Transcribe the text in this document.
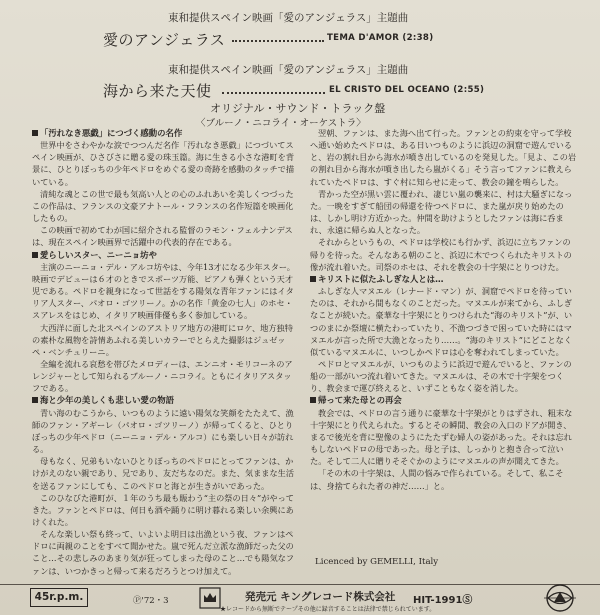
東和提供スペイン映画「愛のアンジェラス」主題曲
愛のアンジェラス	TEMA D'AMOR (2:38)
東和提供スペイン映画「愛のアンジェラス」主題曲
海から来た天使	EL CRISTO DEL OCEANO (2:55)
オリジナル・サウンド・トラック盤
〈ブルーノ・ニコライ・オーケストラ〉
「汚れなき悪戯」につづく感動の名作

世界中をさわやかな涙でつつんだ名作「汚れなき悪戯」につづいてスペイン映画が、ひさびさに贈る愛の珠玉篇。海に生きる小さな港町を背景に、ひとりぼっちの少年ペドロをめぐる愛の奇跡を感動のタッチで描いている。

清純な魂とこの世で最も気高い人との心のふれあいを美しくつづったこの作品は、フランスの文豪アナトール・フランスの名作短篇を映画化したもの。

この映画で初めてわが国に紹介される監督のラモン・フェルナンデスは、現在スペイン映画界で活躍中の代表的存在である。

愛らしいスター、ニーニョ坊や

主演のニーニョ・デル・アルコ坊やは、今年13才になる少年スター。映画でデビューは６才のときでスポーツ万能、ピアノも弾くという天才児である。ペドロを親身になって世話をする陽気な青年ファンにはイタリア人スター、パオロ・ゴツリーノ。かの名作「黄金の七人」のホセ・スアレスをはじめ、イタリア映画俳優も多く参加している。

大西洋に面した北スペインのアストリア地方の港町にロケ、地方独特の素朴な風物を詩情あふれる美しいカラーでとらえた撮影はジュゼッペ・ベンチュリーニ。

全編を流れる哀愁を帯びたメロディーは、エンニオ・モリコーネのアレンジャーとして知られるブルーノ・ニコライ。ともにイタリアスタッフである。

海と少年の美しくも悲しい愛の物語

青い海のむこうから、いつものように遠い陽気な笑顔をたたえて、漁師のファン・アギーレ（パオロ・ゴツリーノ）が帰ってくると、ひとりぼっちの少年ペドロ（ニーニョ・デル・アルコ）にも楽しい日々が訪れる。

母もなく、兄弟もいないひとりぼっちのペドロにとってファンは、かけがえのない親であり、兄であり、友だちなのだ。また、気ままな生活を送るファンにしても、このペドロと海とが生きがいであった。

このひなびた港町が、１年のうち最も賑わう“主の祭の日々”がやってきた。ファンとペドロは、何日も酒や踊りに明け暮れる楽しい余興にあけくれた。

そんな楽しい祭も終って、いよいよ明日は出漁という夜、ファンはペドロに両親のことをすべて聞かせた。嵐で死んだ立派な漁師だった父のこと…その悲しみのあまり気が狂ってしまった母のこと…でも陽気なファンは、いつかきっと帰って来るだろうとつけ加えて。

翌朝、ファンは、また海へ出て行った。ファンとの約束を守って学校へ通い始めたペドロは、ある日いつものように浜辺の洞窟で遊んでいると、岩の割れ目から海水が噴き出しているのを発見した。「見よ、この岩の割れ目から海水が噴き出したら嵐がくる」そう言ってファンに教えられていたペドロは、すぐ村に知らせに走って、教会の鐘を鳴らした。

青かった空が黒い雲に覆われ、凄じい嵐の襲来に、村は大騒ぎになった。一晩をすぎて船団の帰還を待つペドロに、また嵐が戻り始めたのは、しかし明け方近かった。仲間を助けようとしたファンは海に呑まれ、永遠に帰らぬ人となった。

それからというもの、ペドロは学校にも行かず、浜辺に立ちファンの帰りを待った。そんなある朝のこと、浜辺に木でつくられたキリストの像が流れ着いた。司祭のホセは、それを教会の十字架にとりつけた。

キリストに似たふしぎな人とは…

ふしぎな人マヌエル（レナード・マン）が、洞窟でペドロを待っていたのは、それから間もなくのことだった。マヌエルが来てから、ふしぎなことが続いた。豪華な十字架にとりつけられた“海のキリスト”が、いつのまにか祭壇に横たわっていたり、不漁つづきで困っていた時にはマヌエルが言った所で大漁となったり……。“海のキリスト”にどことなく似ているマヌエルに、いつしかペドロは心を奪われてしまっていた。

ペドロとマヌエルが、いつものように浜辺で遊んでいると、ファンの船の一部がいつ流れ着いてきた。マヌエルは、その木で十字架をつくり、教会まで運び終えると、いずこともなく姿を消した。

帰って来た母との再会

教会では、ペドロの言う通りに豪華な十字架がとりはずされ、粗末な十字架にとり代えられた。するとその瞬間、教会の入口のドアが開き、まるで後光を背に聖像のようにたたずむ婦人の姿があった。それは忘れもしないペドロの母であった。母と子は、しっかりと抱き合って泣いた。そして二人に贈りそそぐかのようにマヌエルの声が聞えてきた。

「その木の十字架は、人間の悩みで作られている。そして、私こそは、身捨てられた者の神だ……」と。

Licenced by GEMELLI, Italy
45r.p.m.	Ⓟ'72・3	発売元 キングレコード株式会社
★レコードから無断でテープその他に録音することは法律で禁じられています。
HIT-1991Ⓢ
